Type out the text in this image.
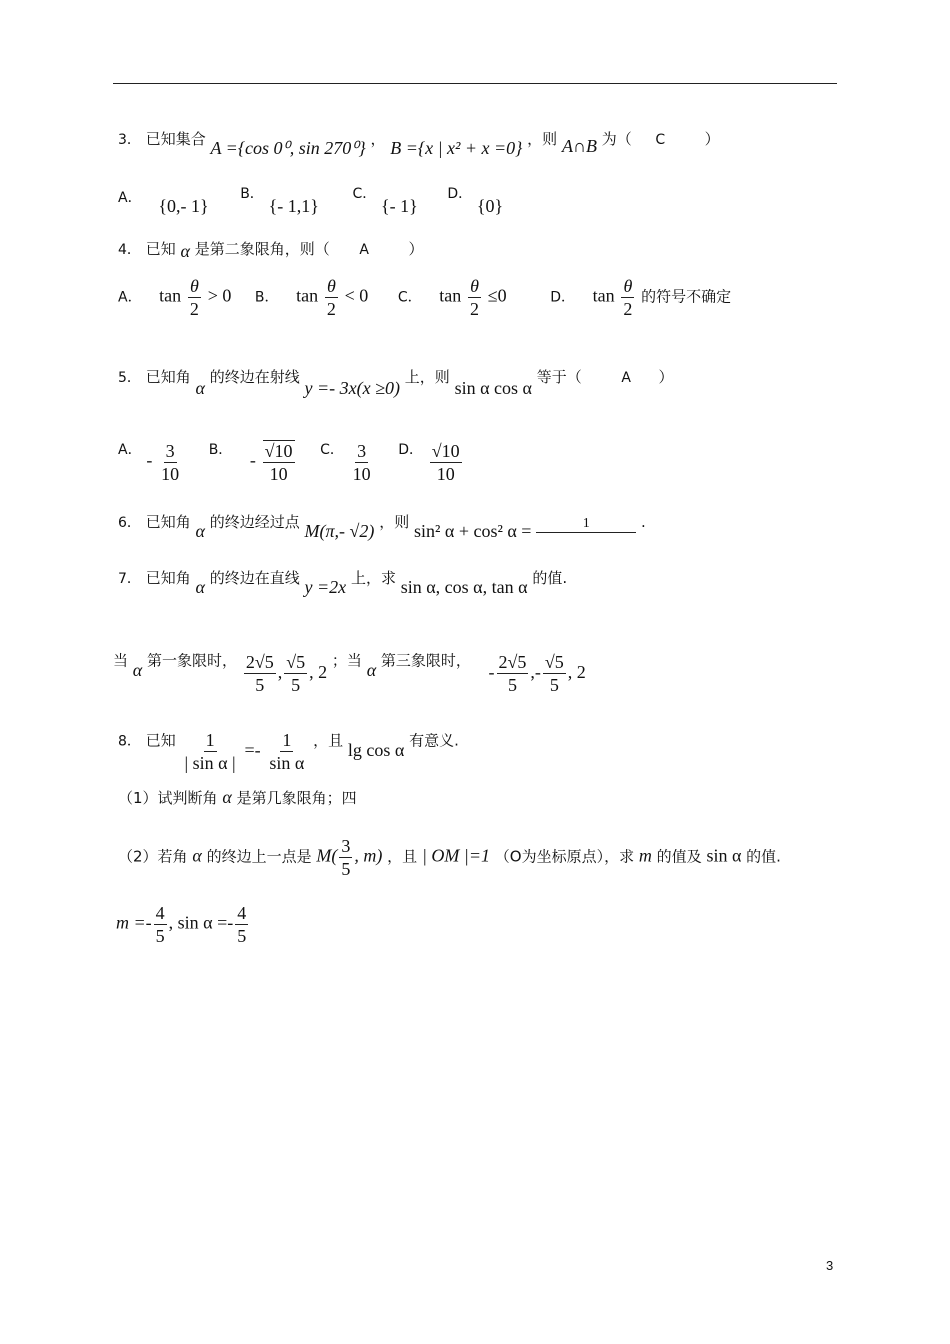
3． 已知集合 A ={cos 0⁰, sin 270⁰} ， B ={x | x² + x =0} ，则 A∩B 为（ C	）
A． {0,- 1}  B． {- 1,1}  C． {- 1}  D． {0}
4． 已知 α 是第二象限角，则（ A	）
A． $\tan \frac{\theta}{2} > 0$ B． $\tan \frac{\theta}{2} < 0$ C． $\tan \frac{\theta}{2} \le 0$	D． $\tan \frac{\theta}{2}$ 的符号不确定
5． 已知角 α 的终边在射线 y =- 3x(x ≥0) 上，则 sin α cos α 等于（	A ）
A． - $\frac{3}{10}$ B． - $\frac{√10}{10}$ C． $\frac{3}{10}$ D． $\frac{√10}{10}$
6． 已知角 α 的终边经过点 M(π,- √2) ，则 sin² α + cos² α =	1	.
7． 已知角 α 的终边在直线 y =2x 上，求 sin α, cos α, tan α 的值.
当 α 第一象限时， $\frac{2√5}{5}$ , $\frac{√5}{5}$ , 2 ；当 α 第三象限时，  - $\frac{2√5}{5}$ ,- $\frac{√5}{5}$ , 2
8． 已知 $\frac{1}{\text{| sin α |}} =- \frac{1}{\text{sin α}}$ ，且 lg cos α 有意义.
（1）试判断角 α 是第几象限角；四
（2）若角 α 的终边上一点是 $M( \frac{3}{5}$ , m) ，且 | OM |=1 （O为坐标原点），求 m 的值及 sin α 的值.
$m =- \frac{4}{5}$ , $\sin \alpha =- \frac{4}{5}$
3
